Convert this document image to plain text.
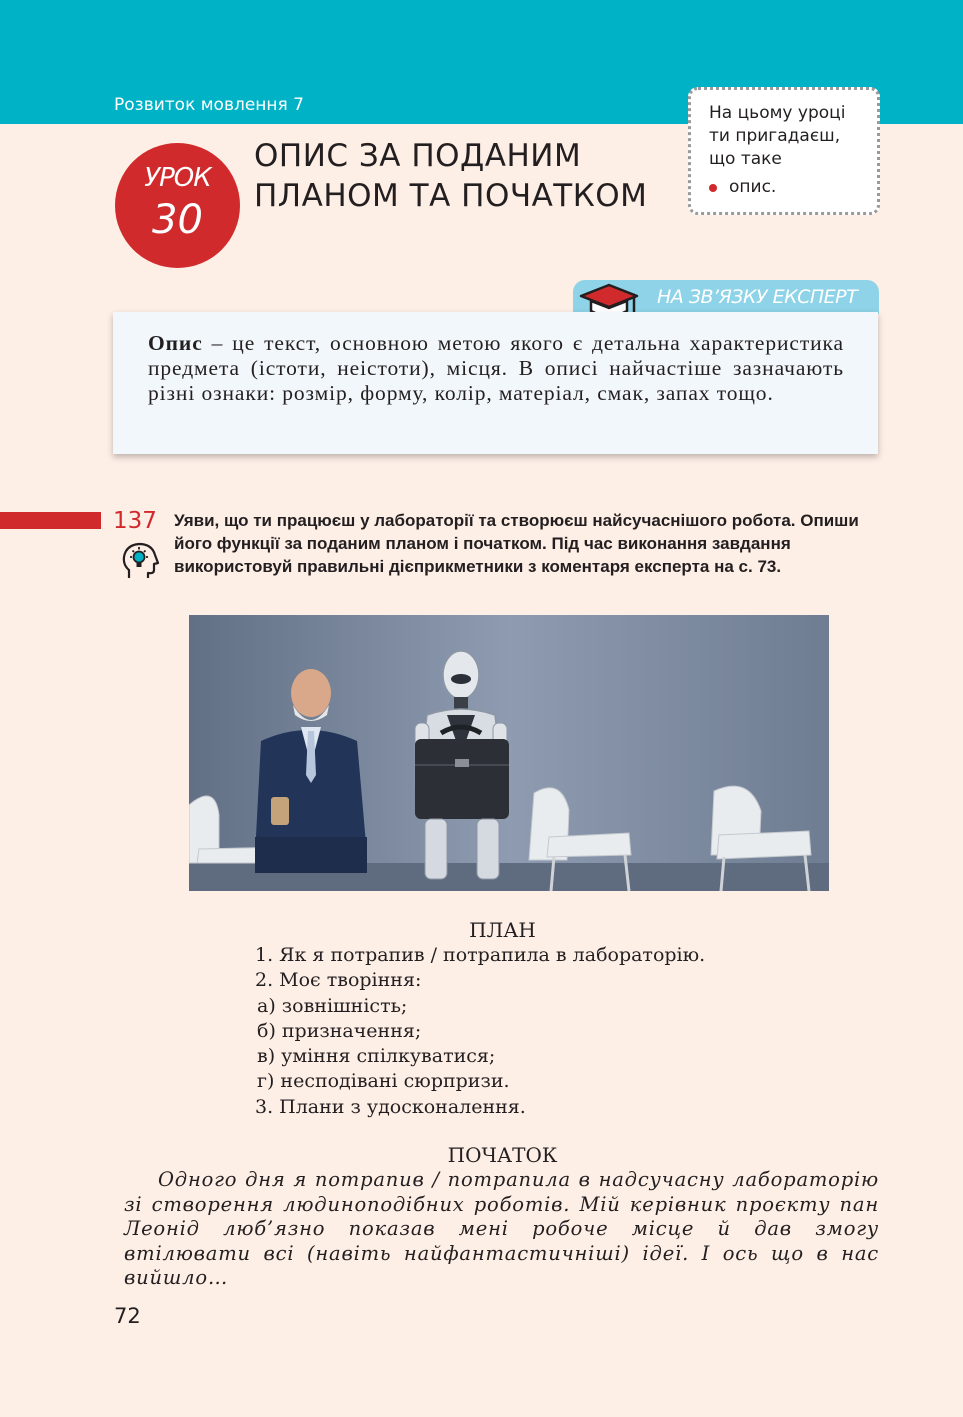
Розвиток мовлення 7
УРОК
30
ОПИС ЗА ПОДАНИМ
ПЛАНОМ ТА ПОЧАТКОМ
На цьому уроці
ти пригадаєш,
що таке
опис.
НА ЗВ’ЯЗКУ ЕКСПЕРТ
Опис – це текст, основною метою якого є детальна характеристика предмета (істоти, неістоти), місця. В описі найчастіше зазначають різні ознаки: розмір, форму, колір, матеріал, смак, запах тощо.
137 Уяви, що ти працюєш у лабораторії та створюєш найсучаснішого робота. Опиши його функції за поданим планом і початком. Під час виконання завдання використовуй правильні дієприкметники з коментаря експерта на с. 73.
ПЛАН
1. Як я потрапив / потрапила в лабораторію.
2. Моє творіння:
а) зовнішність;
б) призначення;
в) уміння спілкуватися;
г) несподівані сюрпризи.
3. Плани з удосконалення.
ПОЧАТОК
Одного дня я потрапив / потрапила в надсучасну лабораторію зі створення людиноподібних роботів. Мій керівник проєкту пан Леонід люб’язно показав мені робоче місце й дав змогу втілювати всі (навіть найфантастичніші) ідеї. І ось що в нас вийшло…
72
